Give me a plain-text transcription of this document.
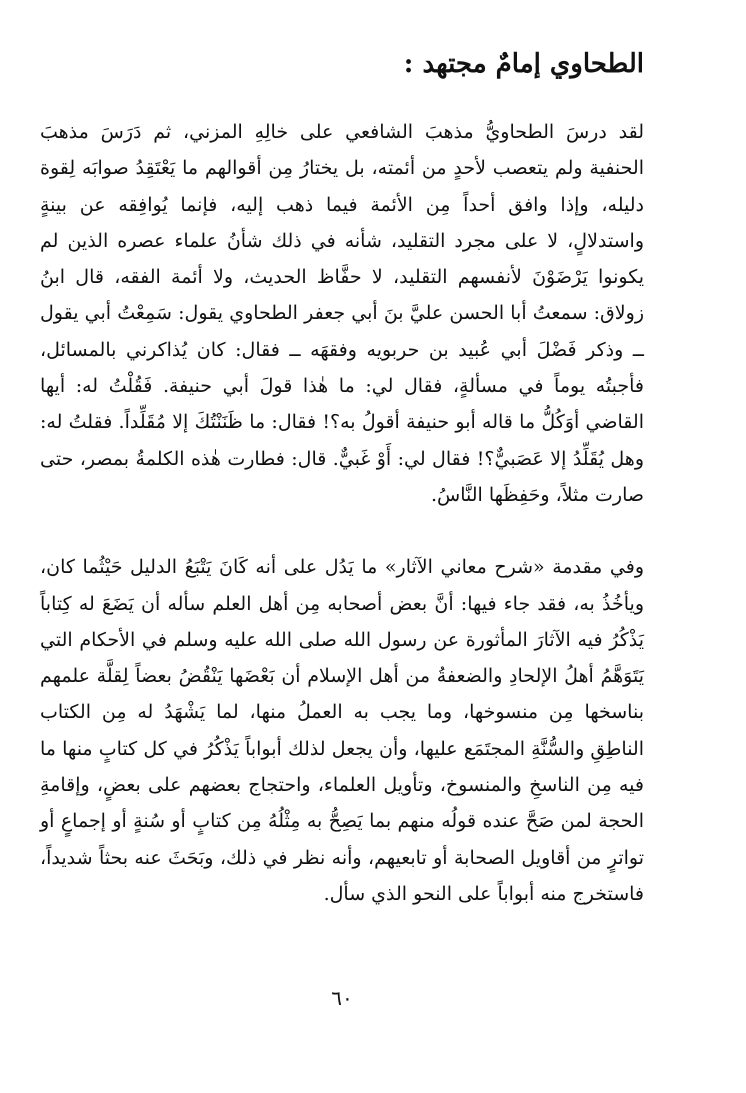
الطحاوي إمامٌ مجتهد :

لقد درسَ الطحاويُّ مذهبَ الشافعي على خالِهِ المزني، ثم دَرَسَ مذهبَ الحنفية ولم يتعصب لأحدٍ من أئمته، بل يختارُ مِن أقوالهم ما يَعْتَقِدُ صوابَه لِقوة دليله، وإذا وافق أحداً مِن الأئمة فيما ذهب إليه، فإنما يُوافِقه عن بينةٍ واستدلالٍ، لا على مجرد التقليد، شأنه في ذلك شأنُ علماء عصره الذين لم يكونوا يَرْضَوْنَ لأنفسهم التقليد، لا حفَّاظ الحديث، ولا أئمة الفقه، قال ابنُ زولاق: سمعتُ أبا الحسن عليَّ بنَ أبي جعفر الطحاوي يقول: سَمِعْتُ أبي يقول ــ وذكر فَضْلَ أبي عُبيد بن حربويه وفقهَه ــ فقال: كان يُذاكرني بالمسائل، فأجبتُه يوماً في مسألةٍ، فقال لي: ما هٰذا قولَ أبي حنيفة. فَقُلْتُ له: أيها القاضي أوَكُلُّ ما قاله أبو حنيفة أقولُ به؟! فقال: ما ظَنَنْتُكَ إلا مُقَلِّداً. فقلتُ له: وهل يُقَلِّدُ إلا عَصَبيٌّ؟! فقال لي: أَوْ غَبيٌّ. قال: فطارت هٰذه الكلمةُ بمصر، حتى صارت مثلاً، وحَفِظَها النَّاسُ.

وفي مقدمة «شرح معاني الآثار» ما يَدُل على أنه كَانَ يَتْبَعُ الدليل حَيْثُما كان، ويأخُذُ به، فقد جاء فيها: أنَّ بعض أصحابه مِن أهل العلم سأله أن يَضَعَ له كِتاباً يَذْكُرُ فيه الآثارَ المأثورة عن رسول الله صلى الله عليه وسلم في الأحكام التي يَتَوَهَّمُ أهلُ الإلحادِ والضعفةُ من أهل الإسلام أن بَعْضَها يَنْقُضُ بعضاً لِقلَّة علمهم بناسخها مِن منسوخها، وما يجب به العملُ منها، لما يَشْهَدُ له مِن الكتاب الناطِقِ والسُّنَّةِ المجتَمَع عليها، وأن يجعل لذلك أبواباً يَذْكُرُ في كل كتابٍ منها ما فيه مِن الناسخِ والمنسوخ، وتأويل العلماء، واحتجاج بعضهم على بعضٍ، وإقامةِ الحجة لمن صَحَّ عنده قولُه منهم بما يَصِحُّ به مِثْلُهُ مِن كتابٍ أو سُنةٍ أو إجماعٍ أو تواترٍ من أقاويل الصحابة أو تابعيهم، وأنه نظر في ذلك، وبَحَثَ عنه بحثاً شديداً، فاستخرج منه أبواباً على النحو الذي سأل.

٦٠
